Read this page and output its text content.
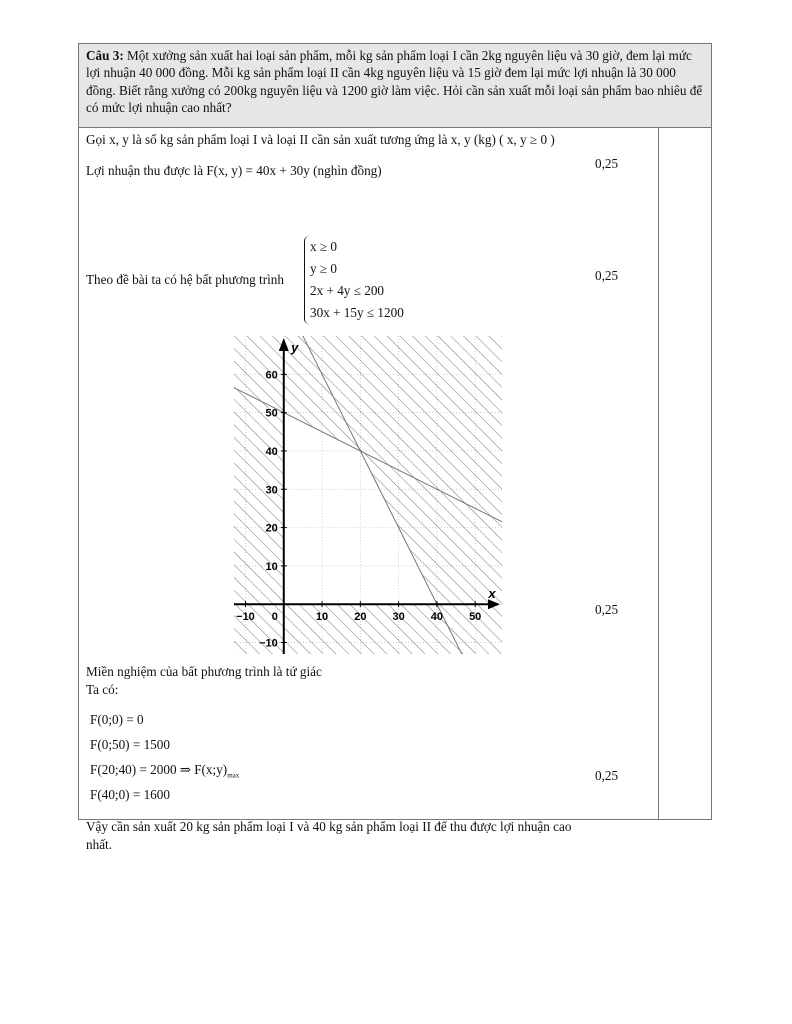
Câu 3: Một xưởng sản xuất hai loại sản phẩm, mỗi kg sản phẩm loại I cần 2kg nguyên liệu và 30 giờ, đem lại mức lợi nhuận 40 000 đồng. Mỗi kg sản phẩm loại II cần 4kg nguyên liệu và 15 giờ đem lại mức lợi nhuận là 30 000 đồng. Biết rằng xưởng có 200kg nguyên liệu và 1200 giờ làm việc. Hỏi cần sản xuất mỗi loại sản phẩm bao nhiêu để có mức lợi nhuận cao nhất?
Gọi x, y là số kg sản phẩm loại I và loại II cần sản xuất tương ứng là x, y (kg) ( x, y ≥ 0 )
Lợi nhuận thu được là F(x, y) = 40x + 30y (nghìn đồng)
Theo đề bài ta có hệ bất phương trình
x ≥ 0
y ≥ 0
2x + 4y ≤ 200
30x + 15y ≤ 1200
−10 0	10 20 30 40 50
−10
10
20
30
40
50
60
x
y
Miền nghiệm của bất phương trình là tứ giác
Ta có:
F(0;0) = 0
F(0;50) = 1500
F(20;40) = 2000 ⇒ $F(x;y)_{max}$
F(40;0) = 1600
Vậy cần sản xuất 20 kg sản phẩm loại I và 40 kg sản phẩm loại II để thu được lợi nhuận cao
nhất.
0,25
0,25
0,25
0,25
